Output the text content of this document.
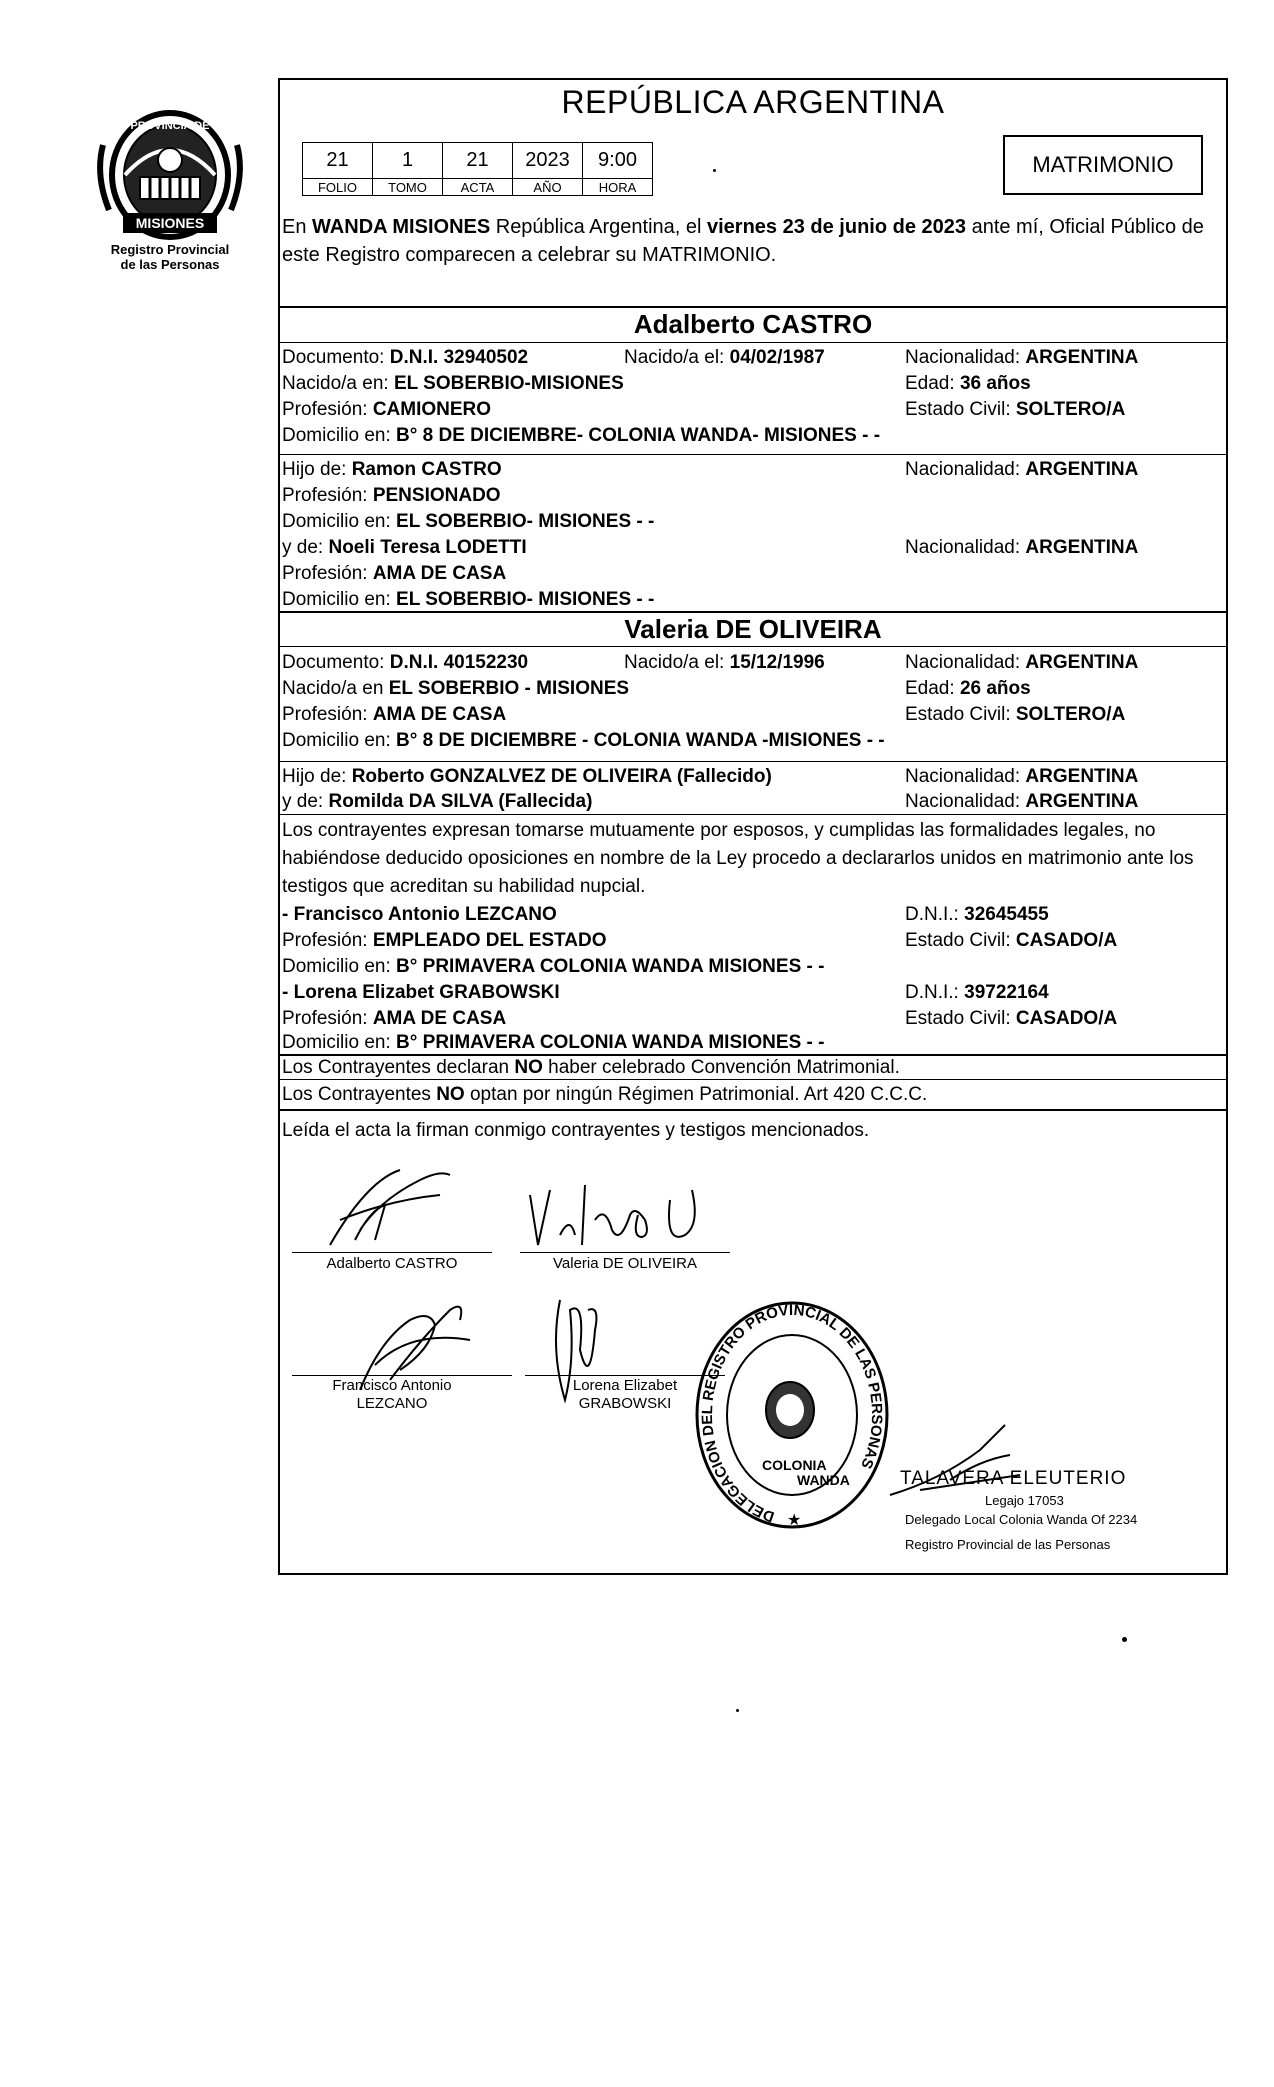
PROVINCIA DE
MISIONES
Registro Provincial
de las Personas
REPÚBLICA ARGENTINA
21	1	21	2023	9:00
FOLIO	TOMO	ACTA	AÑO	HORA
MATRIMONIO
En WANDA MISIONES República Argentina, el viernes 23 de junio de 2023 ante mí, Oficial Público de este Registro comparecen a celebrar su MATRIMONIO.
Adalberto CASTRO
Documento: D.N.I. 32940502	Nacido/a el: 04/02/1987	Nacionalidad: ARGENTINA
Nacido/a en: EL SOBERBIO-MISIONES	Edad: 36 años
Profesión: CAMIONERO	Estado Civil: SOLTERO/A
Domicilio en: B° 8 DE DICIEMBRE- COLONIA WANDA- MISIONES - -
Hijo de: Ramon CASTRO	Nacionalidad: ARGENTINA
Profesión: PENSIONADO
Domicilio en: EL SOBERBIO- MISIONES - -
y de: Noeli Teresa LODETTI	Nacionalidad: ARGENTINA
Profesión: AMA DE CASA
Domicilio en: EL SOBERBIO- MISIONES - -
Valeria DE OLIVEIRA
Documento: D.N.I. 40152230	Nacido/a el: 15/12/1996	Nacionalidad: ARGENTINA
Nacido/a en EL SOBERBIO - MISIONES	Edad: 26 años
Profesión: AMA DE CASA	Estado Civil: SOLTERO/A
Domicilio en: B° 8 DE DICIEMBRE - COLONIA WANDA -MISIONES - -
Hijo de: Roberto GONZALVEZ DE OLIVEIRA (Fallecido)	Nacionalidad: ARGENTINA
y de: Romilda DA SILVA (Fallecida)	Nacionalidad: ARGENTINA
Los contrayentes expresan tomarse mutuamente por esposos, y cumplidas las formalidades legales, no habiéndose deducido oposiciones en nombre de la Ley procedo a declararlos unidos en matrimonio ante los testigos que acreditan su habilidad nupcial.
- Francisco Antonio LEZCANO	D.N.I.: 32645455
Profesión: EMPLEADO DEL ESTADO	Estado Civil: CASADO/A
Domicilio en: B° PRIMAVERA COLONIA WANDA MISIONES - -
- Lorena Elizabet GRABOWSKI	D.N.I.: 39722164
Profesión: AMA DE CASA	Estado Civil: CASADO/A
Domicilio en: B° PRIMAVERA COLONIA WANDA MISIONES - -
Los Contrayentes declaran NO haber celebrado Convención Matrimonial.
Los Contrayentes NO optan por ningún Régimen Patrimonial. Art 420 C.C.C.
Leída el acta la firman conmigo contrayentes y testigos mencionados.
Adalberto CASTRO	Valeria DE OLIVEIRA
Francisco Antonio
LEZCANO
Lorena Elizabet
GRABOWSKI
DELEGACION DEL REGISTRO PROVINCIAL DE LAS PERSONAS
COLONIA
WANDA
★
TALAVERA ELEUTERIO
Legajo 17053
Delegado Local Colonia Wanda Of 2234
Registro Provincial de las Personas
